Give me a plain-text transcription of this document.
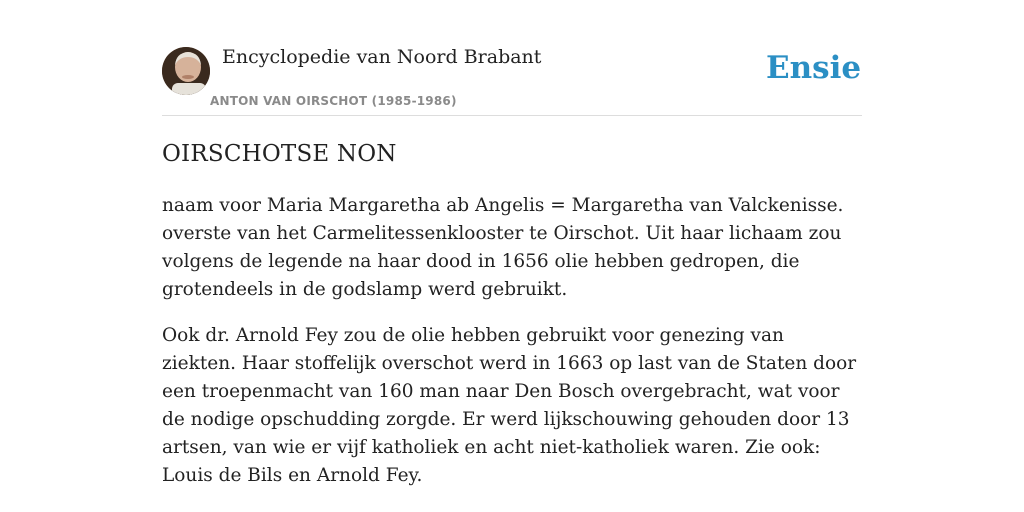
Encyclopedie van Noord Brabant
ANTON VAN OIRSCHOT (1985-1986)
Ensie
OIRSCHOTSE NON

naam voor Maria Margaretha ab Angelis = Margaretha van Valckenisse. overste van het Carmelitessenklooster te Oirschot. Uit haar lichaam zou volgens de legende na haar dood in 1656 olie hebben gedropen, die grotendeels in de godslamp werd gebruikt.

Ook dr. Arnold Fey zou de olie hebben gebruikt voor genezing van ziekten. Haar stoffelijk overschot werd in 1663 op last van de Staten door een troepenmacht van 160 man naar Den Bosch overgebracht, wat voor de nodige opschudding zorgde. Er werd lijkschouwing gehouden door 13 artsen, van wie er vijf katholiek en acht niet-katholiek waren. Zie ook: Louis de Bils en Arnold Fey.
